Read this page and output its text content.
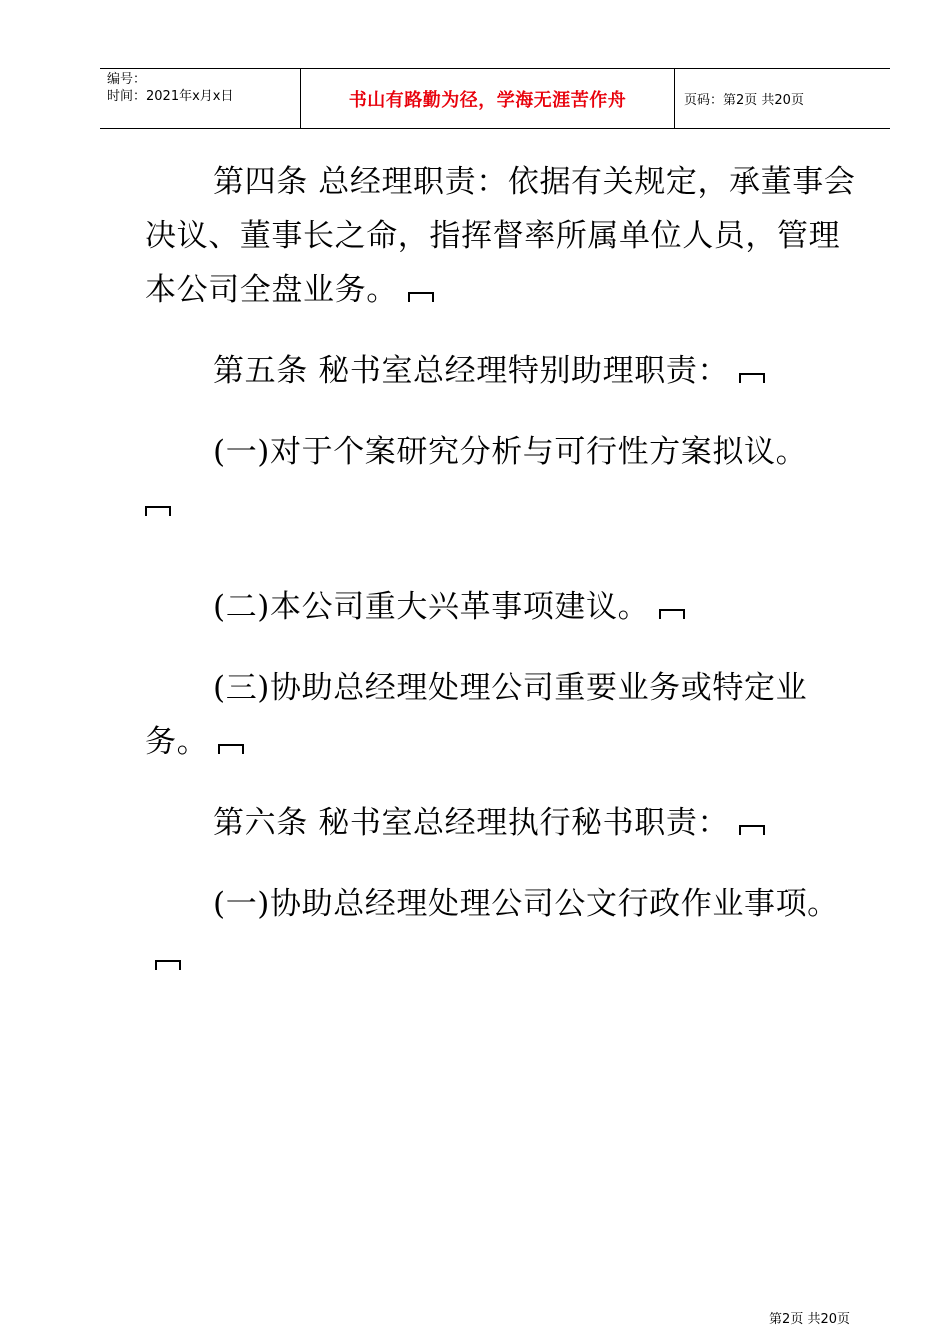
编号：
时间：2021年x月x日	书山有路勤为径，学海无涯苦作舟	页码：第2页 共20页

第四条 总经理职责：依据有关规定，承董事会决议、董事长之命，指挥督率所属单位人员，管理本公司全盘业务。

第五条 秘书室总经理特别助理职责：

(一)对于个案研究分析与可行性方案拟议。

(二)本公司重大兴革事项建议。

(三)协助总经理处理公司重要业务或特定业务。

第六条 秘书室总经理执行秘书职责：

(一)协助总经理处理公司公文行政作业事项。

第2页 共20页
